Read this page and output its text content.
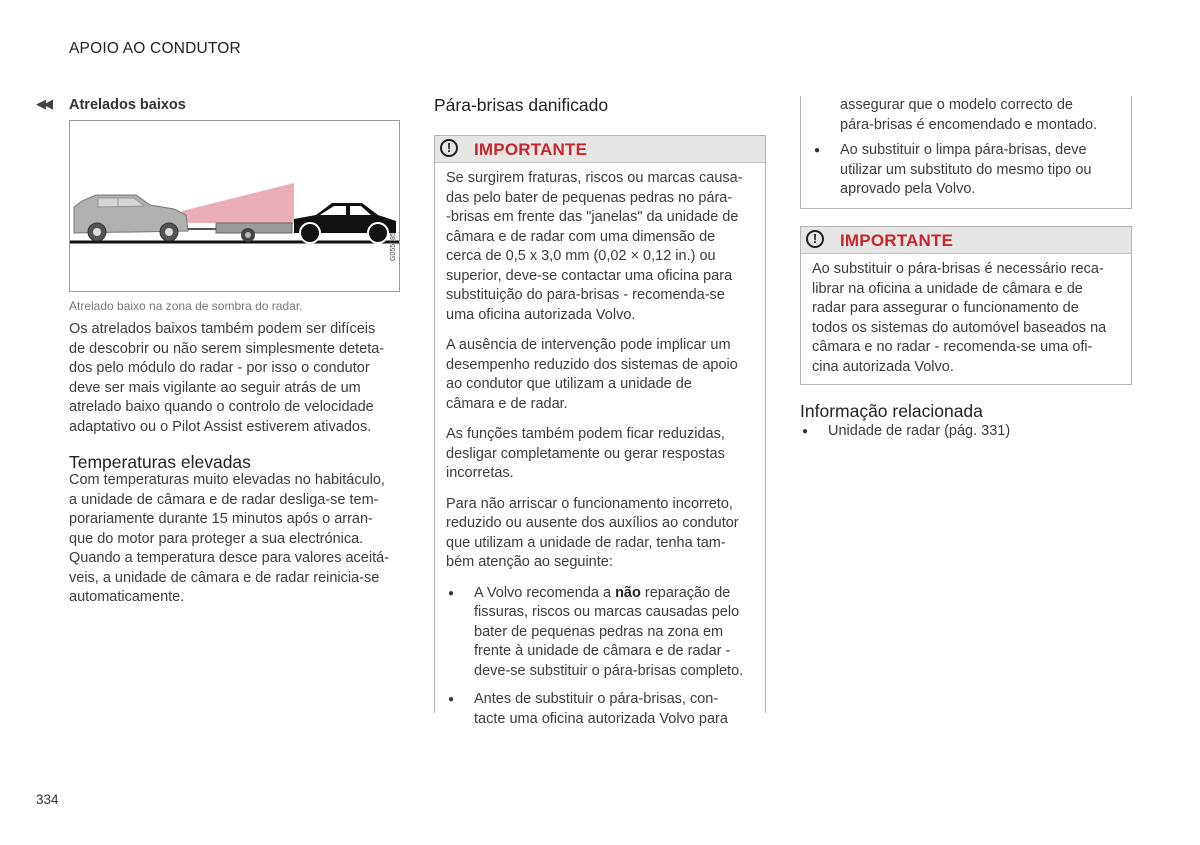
APOIO AO CONDUTOR
◀◀ Atrelados baixos
G055085
Atrelado baixo na zona de sombra do radar.
Os atrelados baixos também podem ser difíceis
de descobrir ou não serem simplesmente deteta-
dos pelo módulo do radar - por isso o condutor
deve ser mais vigilante ao seguir atrás de um
atrelado baixo quando o controlo de velocidade
adaptativo ou o Pilot Assist estiverem ativados.
Temperaturas elevadas
Com temperaturas muito elevadas no habitáculo,
a unidade de câmara e de radar desliga-se tem-
porariamente durante 15 minutos após o arran-
que do motor para proteger a sua electrónica.
Quando a temperatura desce para valores aceitá-
veis, a unidade de câmara e de radar reinicia-se
automaticamente.
Pára-brisas danificado
!	IMPORTANTE
Se surgirem fraturas, riscos ou marcas causa-
das pelo bater de pequenas pedras no pára-
-brisas em frente das "janelas" da unidade de
câmara e de radar com uma dimensão de
cerca de 0,5 x 3,0 mm (0,02 × 0,12 in.) ou
superior, deve-se contactar uma oficina para
substituição do para-brisas - recomenda-se
uma oficina autorizada Volvo.
A ausência de intervenção pode implicar um
desempenho reduzido dos sistemas de apoio
ao condutor que utilizam a unidade de
câmara e de radar.
As funções também podem ficar reduzidas,
desligar completamente ou gerar respostas
incorretas.
Para não arriscar o funcionamento incorreto,
reduzido ou ausente dos auxílios ao condutor
que utilizam a unidade de radar, tenha tam-
bém atenção ao seguinte:
● A Volvo recomenda a não reparação de
fissuras, riscos ou marcas causadas pelo
bater de pequenas pedras na zona em
frente à unidade de câmara e de radar -
deve-se substituir o pára-brisas completo.
● Antes de substituir o pára-brisas, con-
tacte uma oficina autorizada Volvo para
assegurar que o modelo correcto de
pára-brisas é encomendado e montado.
● Ao substituir o limpa pára-brisas, deve
utilizar um substituto do mesmo tipo ou
aprovado pela Volvo.
!	IMPORTANTE
Ao substituir o pára-brisas é necessário reca-
librar na oficina a unidade de câmara e de
radar para assegurar o funcionamento de
todos os sistemas do automóvel baseados na
câmara e no radar - recomenda-se uma ofi-
cina autorizada Volvo.
Informação relacionada
● Unidade de radar (pág. 331)
334
